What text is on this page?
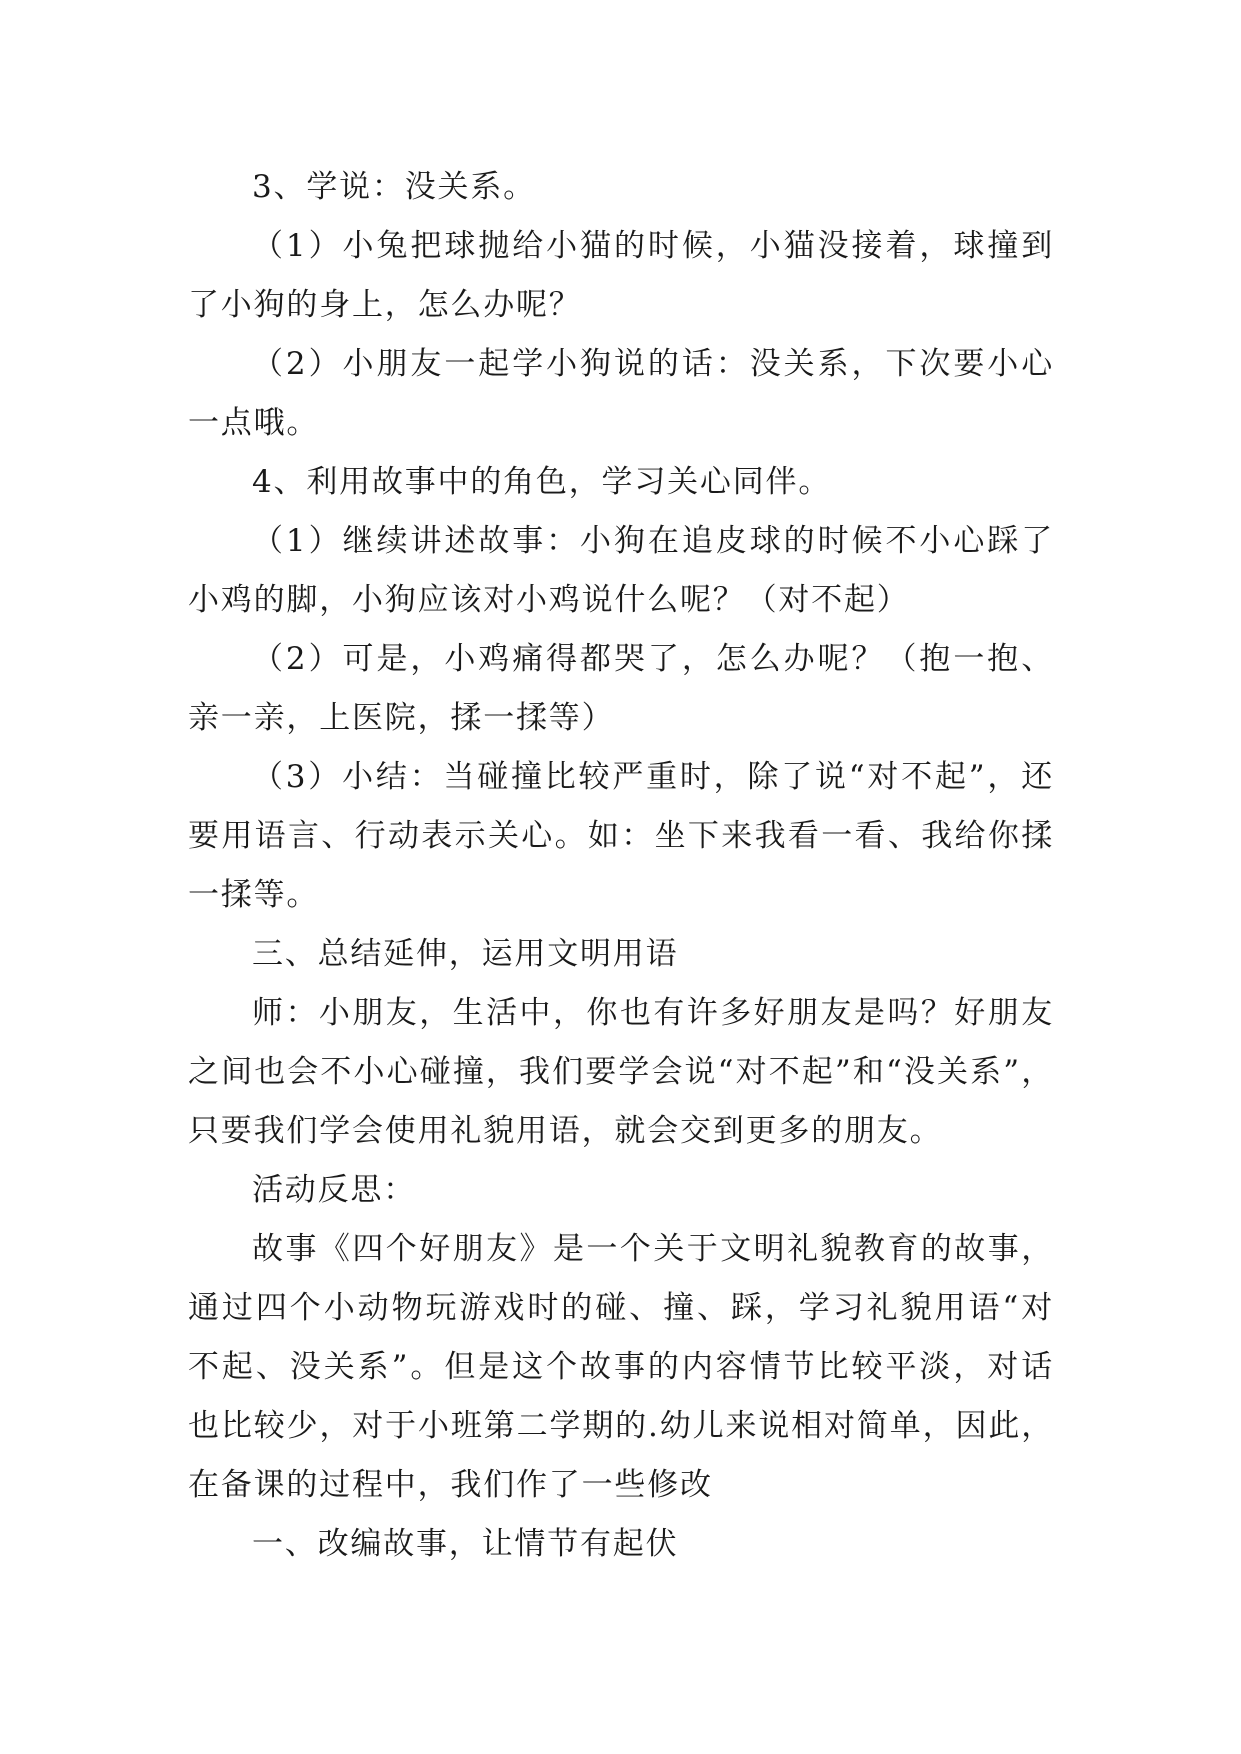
3、学说：没关系。

（1）小兔把球抛给小猫的时候，小猫没接着，球撞到了小狗的身上，怎么办呢？

（2）小朋友一起学小狗说的话：没关系，下次要小心一点哦。

4、利用故事中的角色，学习关心同伴。

（1）继续讲述故事：小狗在追皮球的时候不小心踩了小鸡的脚，小狗应该对小鸡说什么呢？（对不起）

（2）可是，小鸡痛得都哭了，怎么办呢？（抱一抱、亲一亲，上医院，揉一揉等）

（3）小结：当碰撞比较严重时，除了说“对不起”，还要用语言、行动表示关心。如：坐下来我看一看、我给你揉一揉等。

三、总结延伸，运用文明用语

师：小朋友，生活中，你也有许多好朋友是吗？好朋友之间也会不小心碰撞，我们要学会说“对不起”和“没关系”，只要我们学会使用礼貌用语，就会交到更多的朋友。

活动反思：

故事《四个好朋友》是一个关于文明礼貌教育的故事，通过四个小动物玩游戏时的碰、撞、踩，学习礼貌用语“对不起、没关系”。但是这个故事的内容情节比较平淡，对话也比较少，对于小班第二学期的.幼儿来说相对简单，因此，在备课的过程中，我们作了一些修改

一、改编故事，让情节有起伏
